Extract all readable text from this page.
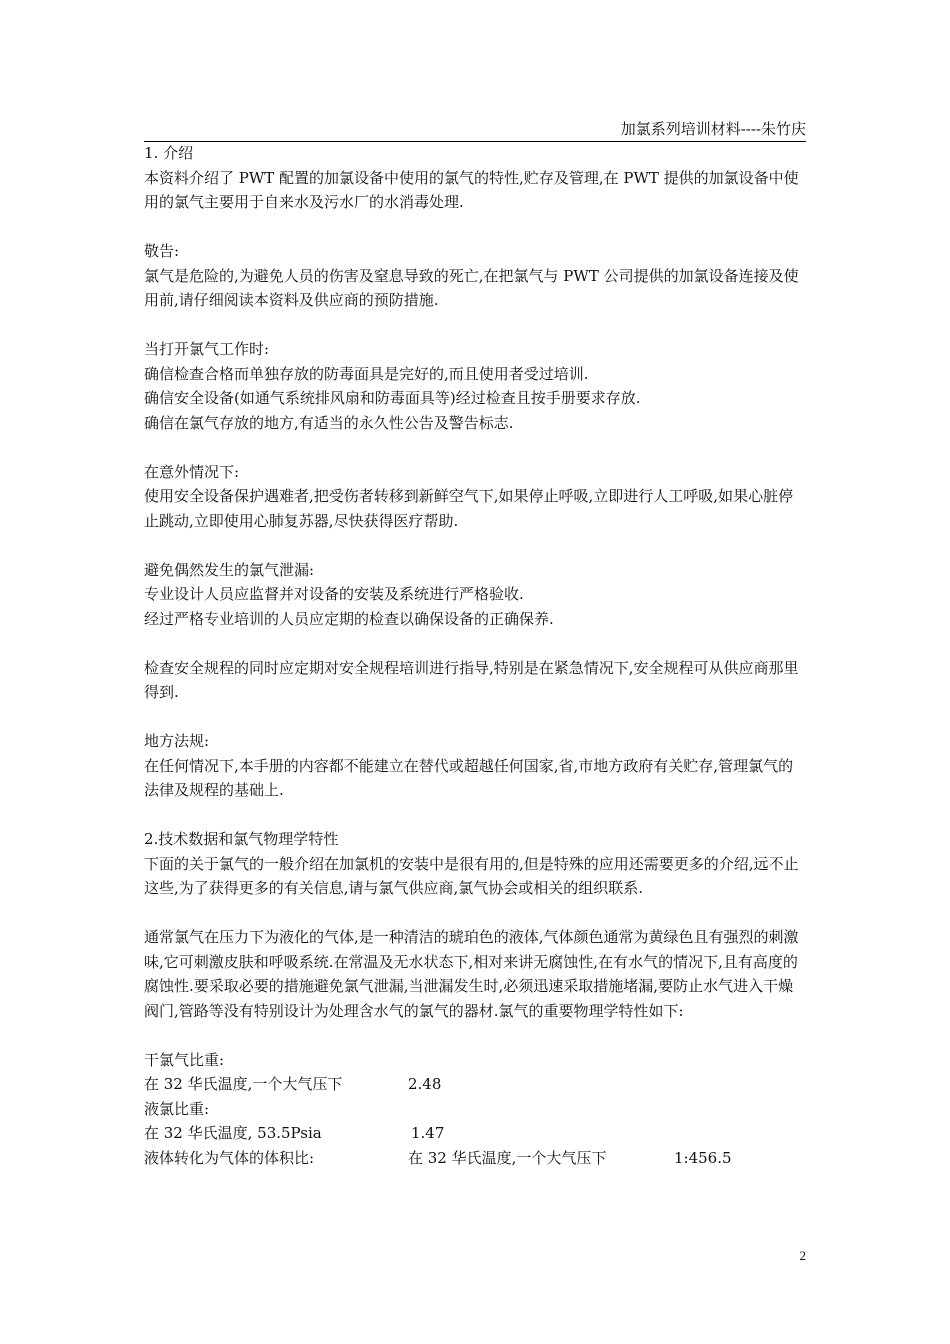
加氯系列培训材料----朱竹庆

1. 介绍

本资料介绍了 PWT 配置的加氯设备中使用的氯气的特性,贮存及管理,在 PWT 提供的加氯设备中使用的氯气主要用于自来水及污水厂的水消毒处理.

敬告:

氯气是危险的,为避免人员的伤害及窒息导致的死亡,在把氯气与 PWT 公司提供的加氯设备连接及使用前,请仔细阅读本资料及供应商的预防措施.

当打开氯气工作时:

确信检查合格而单独存放的防毒面具是完好的,而且使用者受过培训.

确信安全设备(如通气系统排风扇和防毒面具等)经过检查且按手册要求存放.

确信在氯气存放的地方,有适当的永久性公告及警告标志.

在意外情况下:

使用安全设备保护遇难者,把受伤者转移到新鲜空气下,如果停止呼吸,立即进行人工呼吸,如果心脏停止跳动,立即使用心肺复苏器,尽快获得医疗帮助.

避免偶然发生的氯气泄漏:

专业设计人员应监督并对设备的安装及系统进行严格验收.

经过严格专业培训的人员应定期的检查以确保设备的正确保养.

检查安全规程的同时应定期对安全规程培训进行指导,特别是在紧急情况下,安全规程可从供应商那里得到.

地方法规:

在任何情况下,本手册的内容都不能建立在替代或超越任何国家,省,市地方政府有关贮存,管理氯气的法律及规程的基础上.

2.技术数据和氯气物理学特性

下面的关于氯气的一般介绍在加氯机的安装中是很有用的,但是特殊的应用还需要更多的介绍,远不止这些,为了获得更多的有关信息,请与氯气供应商,氯气协会或相关的组织联系.

通常氯气在压力下为液化的气体,是一种清洁的琥珀色的液体,气体颜色通常为黄绿色且有强烈的刺激味,它可刺激皮肤和呼吸系统.在常温及无水状态下,相对来讲无腐蚀性,在有水气的情况下,且有高度的腐蚀性.要采取必要的措施避免氯气泄漏,当泄漏发生时,必须迅速采取措施堵漏,要防止水气进入干燥阀门,管路等没有特别设计为处理含水气的氯气的器材.氯气的重要物理学特性如下:

干氯气比重:

在 32 华氏温度,一个大气压下	2.48

液氯比重:

在 32 华氏温度, 53.5Psia	1.47
液体转化为气体的体积比:	在 32 华氏温度,一个大气压下	1:456.5
2
